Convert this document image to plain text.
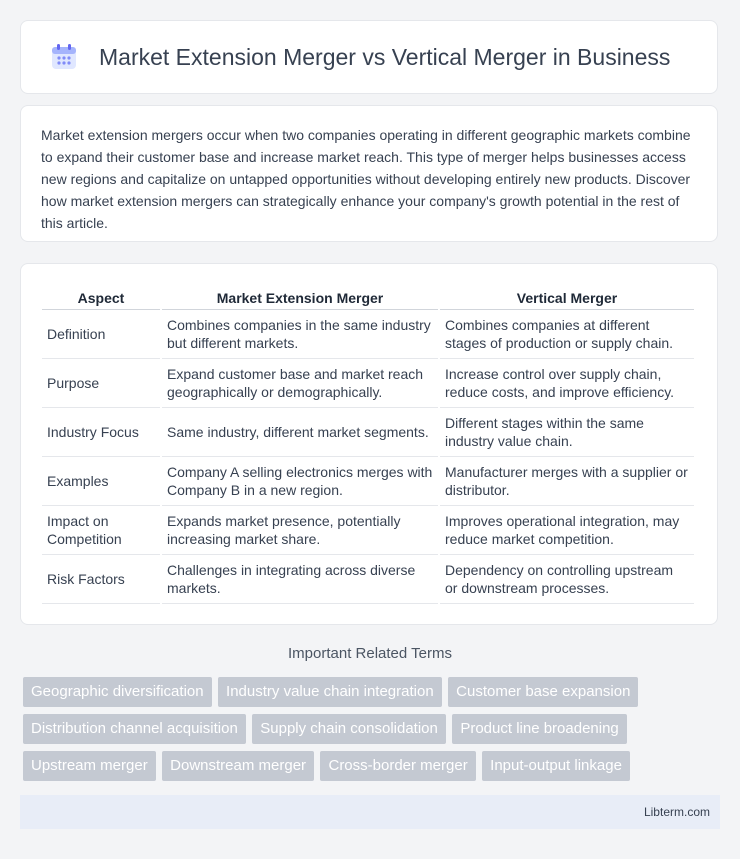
Market Extension Merger vs Vertical Merger in Business

Market extension mergers occur when two companies operating in different geographic markets combine to expand their customer base and increase market reach. This type of merger helps businesses access new regions and capitalize on untapped opportunities without developing entirely new products. Discover how market extension mergers can strategically enhance your company's growth potential in the rest of this article.

Aspect	Market Extension Merger	Vertical Merger
Definition	Combines companies in the same industry but different markets.	Combines companies at different stages of production or supply chain.
Purpose	Expand customer base and market reach geographically or demographically.	Increase control over supply chain, reduce costs, and improve efficiency.
Industry Focus	Same industry, different market segments.	Different stages within the same industry value chain.
Examples	Company A selling electronics merges with Company B in a new region.	Manufacturer merges with a supplier or distributor.
Impact on Competition	Expands market presence, potentially increasing market share.	Improves operational integration, may reduce market competition.
Risk Factors	Challenges in integrating across diverse markets.	Dependency on controlling upstream or downstream processes.
Important Related Terms
Geographic diversification Industry value chain integration Customer base expansion
Distribution channel acquisition Supply chain consolidation Product line broadening
Upstream merger Downstream merger Cross-border merger Input-output linkage
Libterm.com
